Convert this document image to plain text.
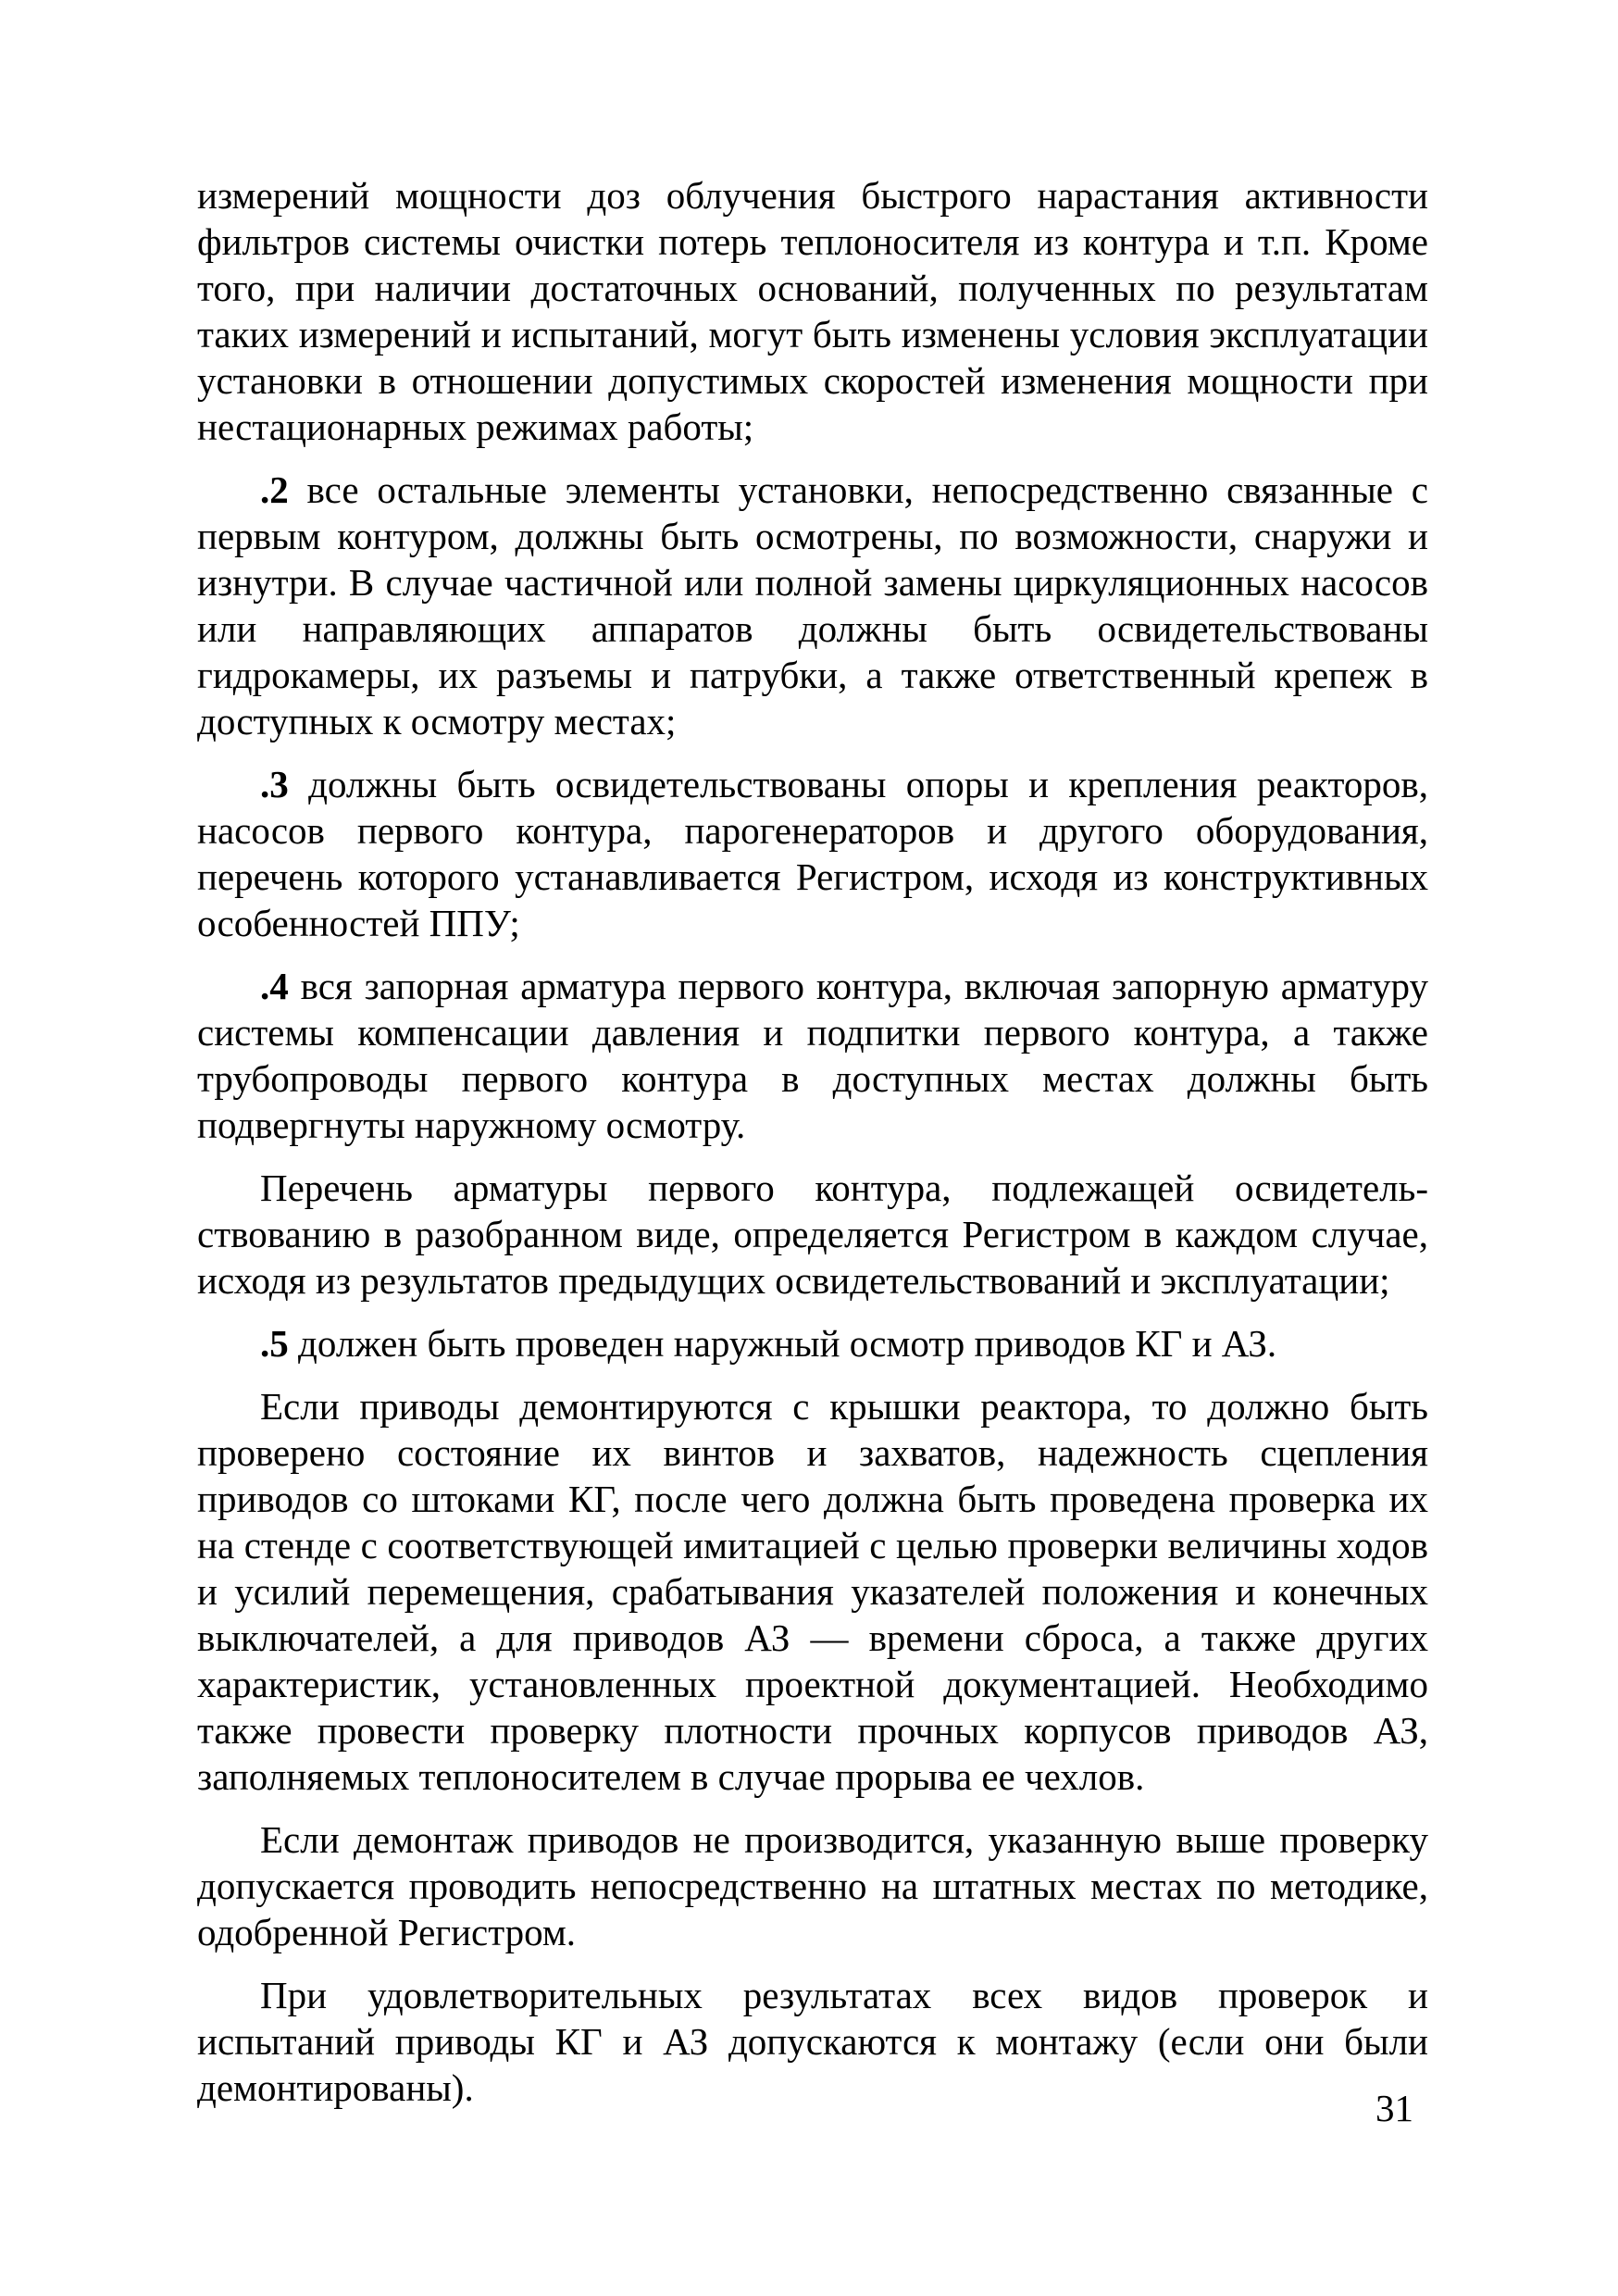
измерений мощности доз облучения быстрого нарастания активности фильтров системы очистки потерь теплоносителя из контура и т.п. Кроме того, при наличии достаточных оснований, полученных по результатам таких измерений и испытаний, могут быть изменены условия эксплуатации установки в отношении допустимых скоростей изменения мощности при нестационарных режимах работы;

.2 все остальные элементы установки, непосредственно связанные с первым контуром, должны быть осмотрены, по возможности, снаружи и изнутри. В случае частичной или полной замены циркуляционных насосов или направляющих аппаратов должны быть освидетельствованы гидрокамеры, их разъемы и патрубки, а также ответственный крепеж в доступных к осмотру местах;

.3 должны быть освидетельствованы опоры и крепления реакторов, насосов первого контура, парогенераторов и другого оборудования, перечень которого устанавливается Регистром, исходя из конструктивных особенностей ППУ;

.4 вся запорная арматура первого контура, включая запорную арматуру системы компенсации давления и подпитки первого контура, а также трубопроводы первого контура в доступных местах должны быть подвергнуты наружному осмотру.

Перечень арматуры первого контура, подлежащей освидетельствованию в разобранном виде, определяется Регистром в каждом случае, исходя из результатов предыдущих освидетельствований и эксплуатации;

.5 должен быть проведен наружный осмотр приводов КГ и АЗ.

Если приводы демонтируются с крышки реактора, то должно быть проверено состояние их винтов и захватов, надежность сцепления приводов со штоками КГ, после чего должна быть проведена проверка их на стенде с соответствующей имитацией с целью проверки величины ходов и усилий перемещения, срабатывания указателей положения и конечных выключателей, а для приводов АЗ — времени сброса, а также других характеристик, установленных проектной документацией. Необходимо также провести проверку плотности прочных корпусов приводов АЗ, заполняемых теплоносителем в случае прорыва ее чехлов.

Если демонтаж приводов не производится, указанную выше проверку допускается проводить непосредственно на штатных местах по методике, одобренной Регистром.

При удовлетворительных результатах всех видов проверок и испытаний приводы КГ и АЗ допускаются к монтажу (если они были демонтированы).	31
